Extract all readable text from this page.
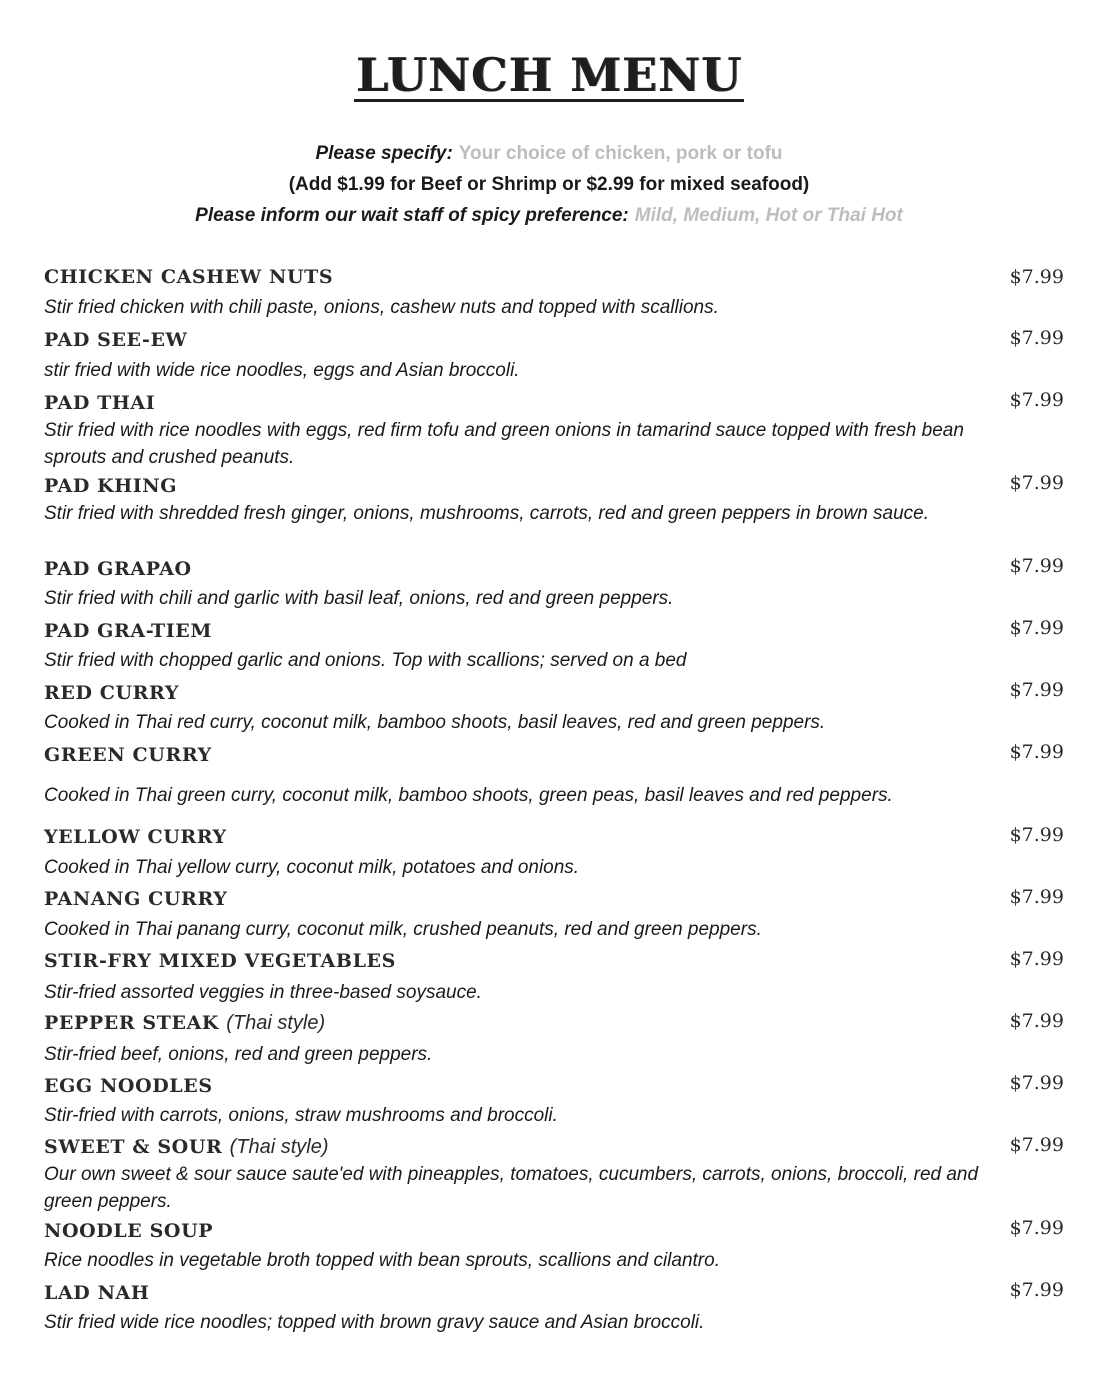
LUNCH MENU
Please specify: Your choice of chicken, pork or tofu
(Add $1.99 for Beef or Shrimp or $2.99 for mixed seafood)
Please inform our wait staff of spicy preference: Mild, Medium, Hot or Thai Hot
CHICKEN CASHEW NUTS	$7.99
Stir fried chicken with chili paste, onions, cashew nuts and topped with scallions.
PAD SEE-EW	$7.99
stir fried with wide rice noodles, eggs and Asian broccoli.
PAD THAI	$7.99
Stir fried with rice noodles with eggs, red firm tofu and green onions in tamarind sauce topped with fresh bean sprouts and crushed peanuts.
PAD KHING	$7.99
Stir fried with shredded fresh ginger, onions, mushrooms, carrots, red and green peppers in brown sauce.
PAD GRAPAO	$7.99
Stir fried with chili and garlic with basil leaf, onions, red and green peppers.
PAD GRA-TIEM	$7.99
Stir fried with chopped garlic and onions. Top with scallions; served on a bed
RED CURRY	$7.99
Cooked in Thai red curry, coconut milk, bamboo shoots, basil leaves, red and green peppers.
GREEN CURRY	$7.99
Cooked in Thai green curry, coconut milk, bamboo shoots, green peas, basil leaves and red peppers.
YELLOW CURRY	$7.99
Cooked in Thai yellow curry, coconut milk, potatoes and onions.
PANANG CURRY	$7.99
Cooked in Thai panang curry, coconut milk, crushed peanuts, red and green peppers.
STIR-FRY MIXED VEGETABLES	$7.99
Stir-fried assorted veggies in three-based soysauce.
PEPPER STEAK (Thai style)	$7.99
Stir-fried beef, onions, red and green peppers.
EGG NOODLES	$7.99
Stir-fried with carrots, onions, straw mushrooms and broccoli.
SWEET & SOUR (Thai style)	$7.99
Our own sweet & sour sauce saute'ed with pineapples, tomatoes, cucumbers, carrots, onions, broccoli, red and green peppers.
NOODLE SOUP	$7.99
Rice noodles in vegetable broth topped with bean sprouts, scallions and cilantro.
LAD NAH	$7.99
Stir fried wide rice noodles; topped with brown gravy sauce and Asian broccoli.
